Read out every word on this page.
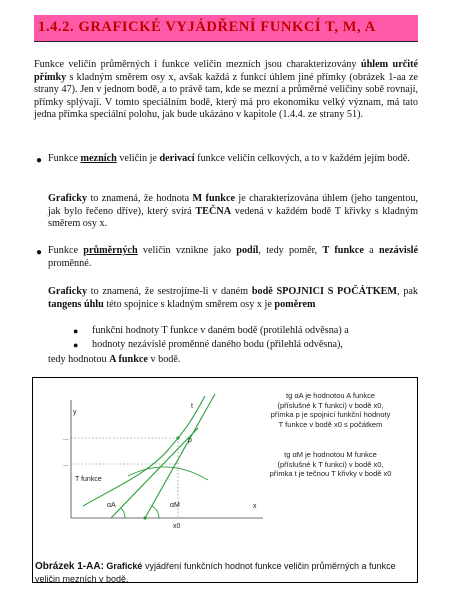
1.4.2. GRAFICKÉ VYJÁDŘENÍ FUNKCÍ T, M, A
Funkce veličin průměrných i funkce veličin mezních jsou charakterizovány úhlem určité přímky s kladným směrem osy x, avšak každá z funkcí úhlem jiné přímky (obrázek 1-aa ze strany 47). Jen v jednom bodě, a to právě tam, kde se mezní a průměrné veličiny sobě rovnají, přímky splývají. V tomto speciálním bodě, který má pro ekonomiku velký význam, má tato jedna přímka speciální polohu, jak bude ukázáno v kapitole (1.4.4. ze strany 51).
● Funkce mezních veličin je derivací funkce veličin celkových, a to v každém jejím bodě.
Graficky to znamená, že hodnota M funkce je charakterizována úhlem (jeho tangentou, jak bylo řečeno dříve), který svírá TEČNA vedená v každém bodě T křivky s kladným směrem osy x.
● Funkce průměrných veličin vznikne jako podíl, tedy poměr, T funkce a nezávislé proměnné.
Graficky to znamená, že sestrojíme-li v daném bodě SPOJNICI S POČÁTKEM, pak tangens úhlu této spojnice s kladným směrem osy x je poměrem
● funkční hodnoty T funkce v daném bodě (protilehlá odvěsna) a
● hodnoty nezávislé proměnné daného bodu (přilehlá odvěsna),
tedy hodnotou A funkce v bodě.
y
x
...
...
t
p
T funkce
αA	αM
x0
tg αA je hodnotou A funkce
(příslušné k T funkci) v bodě x0,
přímka p je spojnicí funkční hodnoty
T funkce v bodě x0 s počátkem
tg αM je hodnotou M funkce
(příslušné k T funkci) v bodě x0,
přímka t je tečnou T křivky v bodě x0
Obrázek 1-AA: Grafické vyjádření funkčních hodnot funkce veličin průměrných a funkce veličin mezních v bodě.
